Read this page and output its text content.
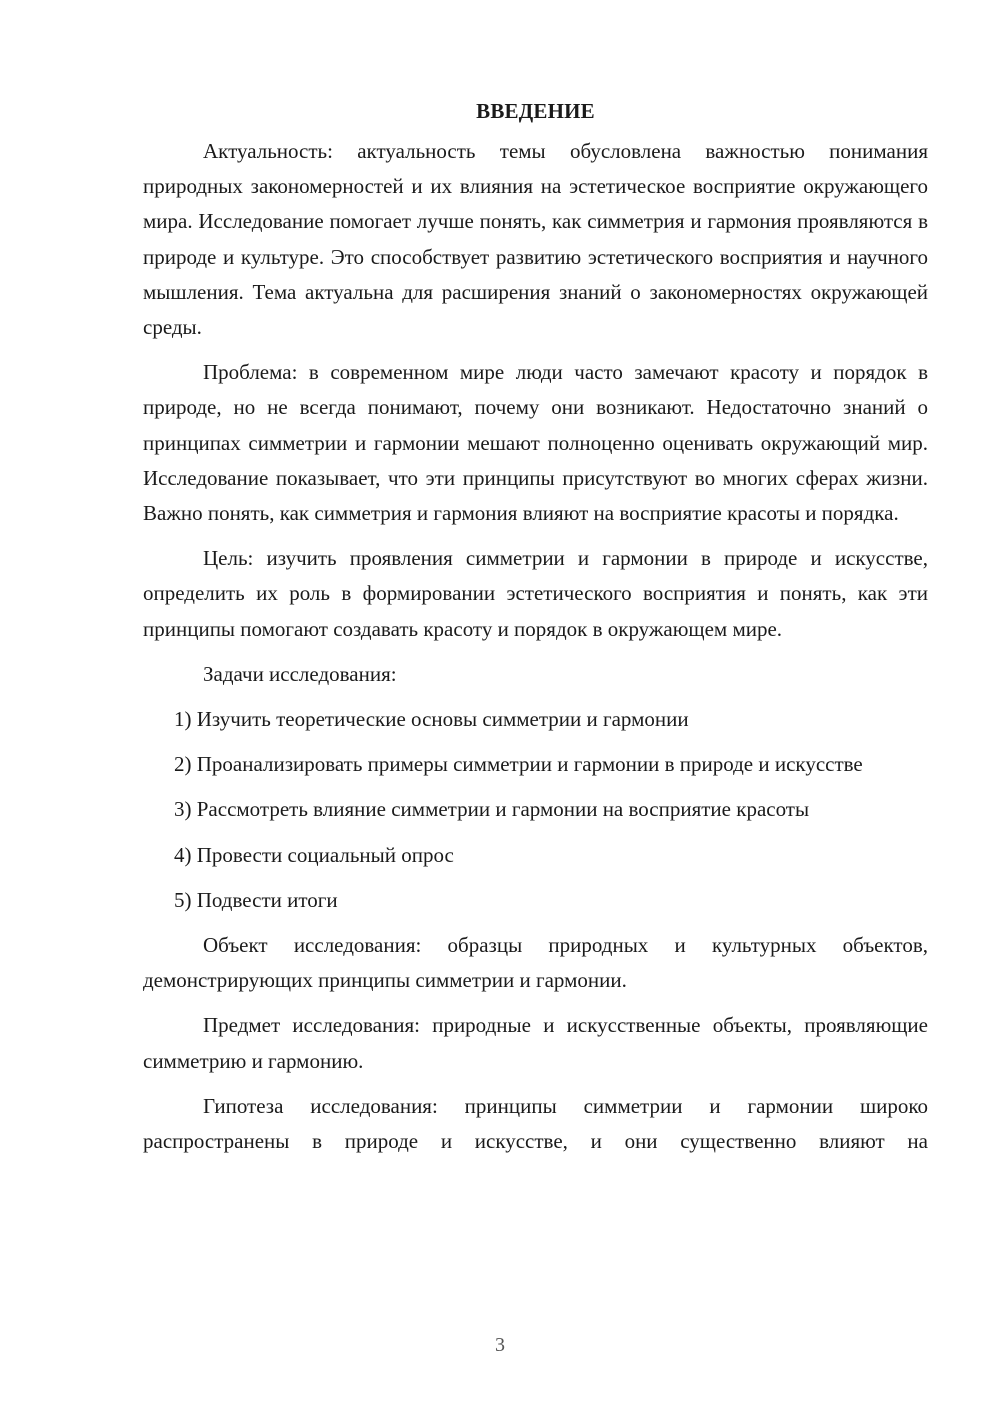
ВВЕДЕНИЕ

Актуальность: актуальность темы обусловлена важностью понимания природных закономерностей и их влияния на эстетическое восприятие окружающего мира. Исследование помогает лучше понять, как симметрия и гармония проявляются в природе и культуре. Это способствует развитию эстетического восприятия и научного мышления. Тема актуальна для расширения знаний о закономерностях окружающей среды.

Проблема: в современном мире люди часто замечают красоту и порядок в природе, но не всегда понимают, почему они возникают. Недостаточно знаний о принципах симметрии и гармонии мешают полноценно оценивать окружающий мир. Исследование показывает, что эти принципы присутствуют во многих сферах жизни. Важно понять, как симметрия и гармония влияют на восприятие красоты и порядка.

Цель: изучить проявления симметрии и гармонии в природе и искусстве, определить их роль в формировании эстетического восприятия и понять, как эти принципы помогают создавать красоту и порядок в окружающем мире.

Задачи исследования:

1) Изучить теоретические основы симметрии и гармонии

2) Проанализировать примеры симметрии и гармонии в природе и искусстве

3) Рассмотреть влияние симметрии и гармонии на восприятие красоты

4) Провести социальный опрос

5) Подвести итоги

Объект исследования: образцы природных и культурных объектов, демонстрирующих принципы симметрии и гармонии.

Предмет исследования: природные и искусственные объекты, проявляющие симметрию и гармонию.

Гипотеза исследования: принципы симметрии и гармонии широко распространены в природе и искусстве, и они существенно влияют на

3
